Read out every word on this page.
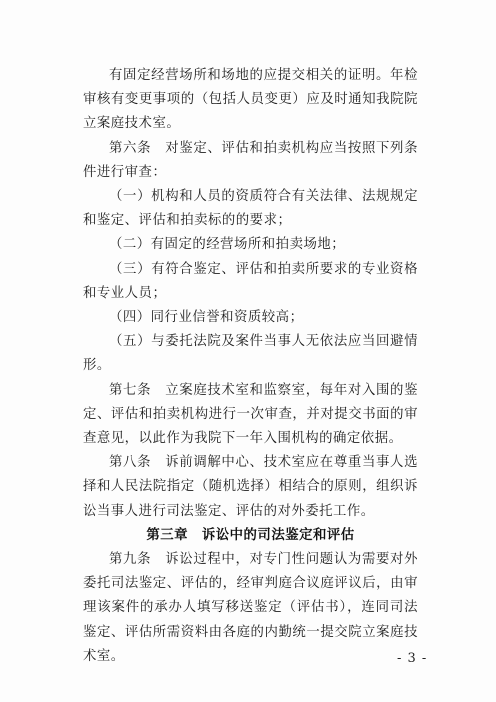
有固定经营场所和场地的应提交相关的证明。年检审核有变更事项的（包括人员变更）应及时通知我院院立案庭技术室。

第六条　对鉴定、评估和拍卖机构应当按照下列条件进行审查：

（一）机构和人员的资质符合有关法律、法规规定和鉴定、评估和拍卖标的的要求；

（二）有固定的经营场所和拍卖场地；

（三）有符合鉴定、评估和拍卖所要求的专业资格和专业人员；

（四）同行业信誉和资质较高；

（五）与委托法院及案件当事人无依法应当回避情形。

第七条　立案庭技术室和监察室，每年对入围的鉴定、评估和拍卖机构进行一次审查，并对提交书面的审查意见，以此作为我院下一年入围机构的确定依据。

第八条　诉前调解中心、技术室应在尊重当事人选择和人民法院指定（随机选择）相结合的原则，组织诉讼当事人进行司法鉴定、评估的对外委托工作。

第三章　诉讼中的司法鉴定和评估

第九条　诉讼过程中，对专门性问题认为需要对外委托司法鉴定、评估的，经审判庭合议庭评议后，由审理该案件的承办人填写移送鉴定（评估书），连同司法鉴定、评估所需资料由各庭的内勤统一提交院立案庭技术室。	- 3 -
